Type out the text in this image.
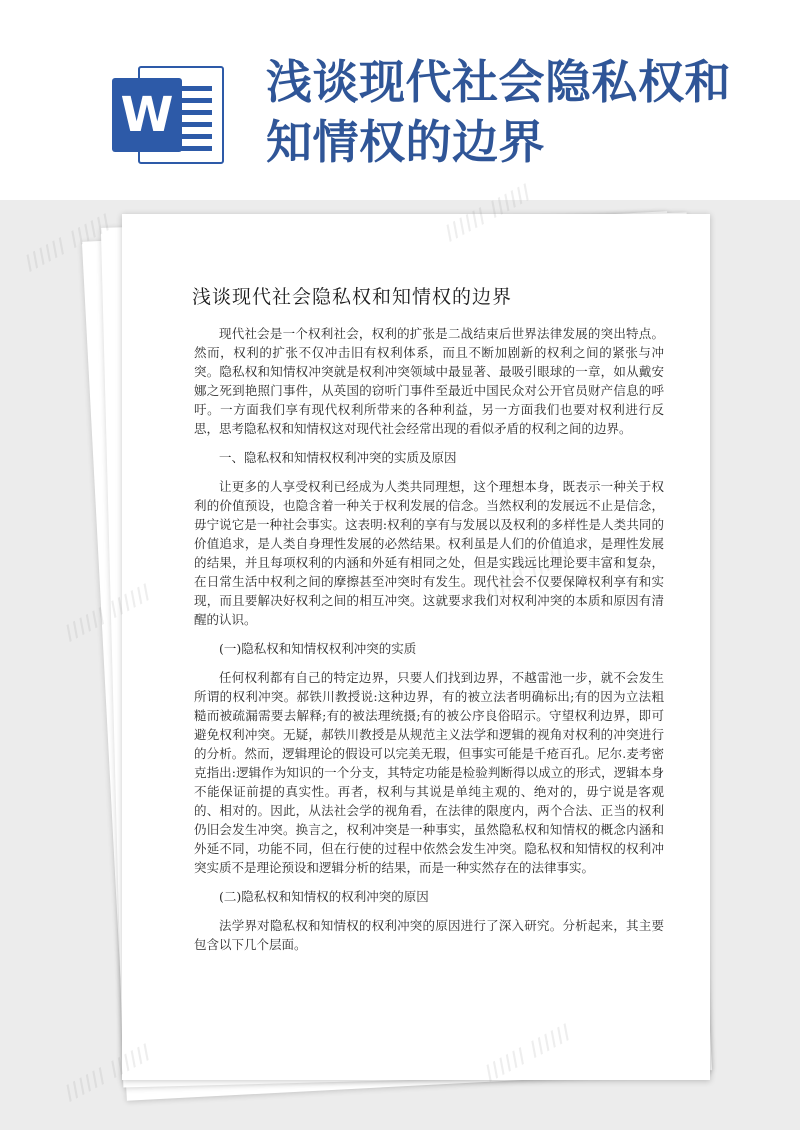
W
浅谈现代社会隐私权和知情权的边界
浅谈现代社会隐私权和知情权的边界

现代社会是一个权利社会，权利的扩张是二战结束后世界法律发展的突出特点。然而，权利的扩张不仅冲击旧有权利体系，而且不断加剧新的权利之间的紧张与冲突。隐私权和知情权冲突就是权利冲突领域中最显著、最吸引眼球的一章，如从戴安娜之死到艳照门事件，从英国的窃听门事件至最近中国民众对公开官员财产信息的呼吁。一方面我们享有现代权利所带来的各种利益，另一方面我们也要对权利进行反思，思考隐私权和知情权这对现代社会经常出现的看似矛盾的权利之间的边界。

一、隐私权和知情权权利冲突的实质及原因

让更多的人享受权利已经成为人类共同理想，这个理想本身，既表示一种关于权利的价值预设，也隐含着一种关于权利发展的信念。当然权利的发展远不止是信念，毋宁说它是一种社会事实。这表明:权利的享有与发展以及权利的多样性是人类共同的价值追求，是人类自身理性发展的必然结果。权利虽是人们的价值追求，是理性发展的结果，并且每项权利的内涵和外延有相同之处，但是实践远比理论要丰富和复杂，在日常生活中权利之间的摩擦甚至冲突时有发生。现代社会不仅要保障权利享有和实现，而且要解决好权利之间的相互冲突。这就要求我们对权利冲突的本质和原因有清醒的认识。

(一)隐私权和知情权权利冲突的实质

任何权利都有自己的特定边界，只要人们找到边界，不越雷池一步，就不会发生所谓的权利冲突。郝铁川教授说:这种边界，有的被立法者明确标出;有的因为立法粗糙而被疏漏需要去解释;有的被法理统摄;有的被公序良俗昭示。守望权利边界，即可避免权利冲突。无疑，郝铁川教授是从规范主义法学和逻辑的视角对权利的冲突进行的分析。然而，逻辑理论的假设可以完美无瑕，但事实可能是千疮百孔。尼尔.麦考密克指出:逻辑作为知识的一个分支，其特定功能是检验判断得以成立的形式，逻辑本身不能保证前提的真实性。再者，权利与其说是单纯主观的、绝对的，毋宁说是客观的、相对的。因此，从法社会学的视角看，在法律的限度内，两个合法、正当的权利仍旧会发生冲突。换言之，权利冲突是一种事实，虽然隐私权和知情权的概念内涵和外延不同，功能不同，但在行使的过程中依然会发生冲突。隐私权和知情权的权利冲突实质不是理论预设和逻辑分析的结果，而是一种实然存在的法律事实。

(二)隐私权和知情权的权利冲突的原因

法学界对隐私权和知情权的权利冲突的原因进行了深入研究。分析起来，其主要包含以下几个层面。

////// //////	////// //////
//////
////// //////
